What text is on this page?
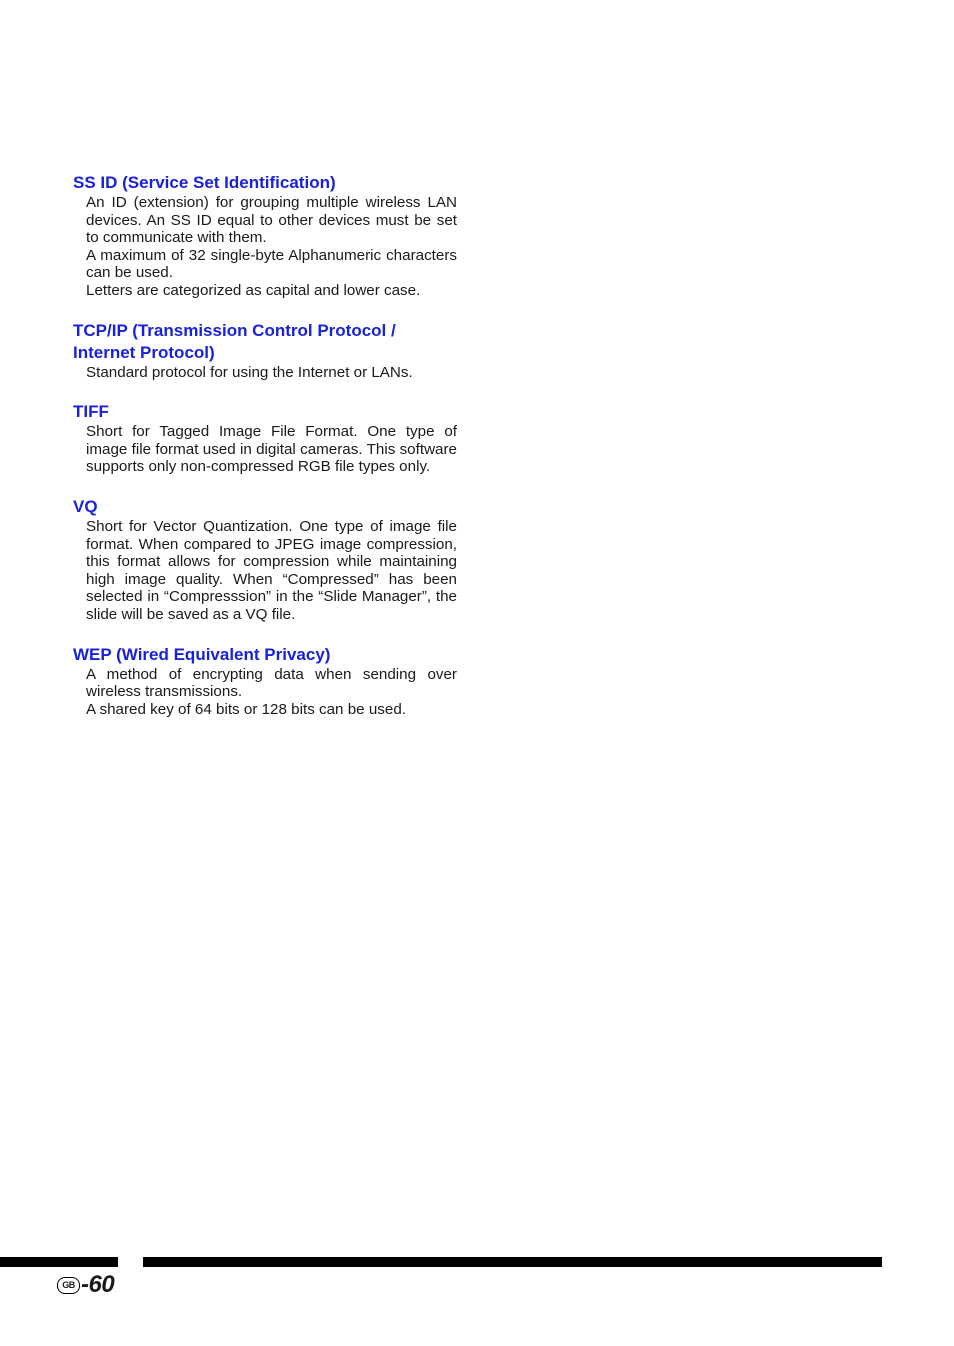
SS ID (Service Set Identification)

An ID (extension) for grouping multiple wireless LAN devices. An SS ID equal to other devices must be set to communicate with them.

A maximum of 32 single-byte Alphanumeric characters can be used.

Letters are categorized as capital and lower case.

TCP/IP (Transmission Control Protocol / Internet Protocol)

Standard protocol for using the Internet or LANs.

TIFF

Short for Tagged Image File Format. One type of image file format used in digital cameras. This software supports only non-compressed RGB file types only.

VQ

Short for Vector Quantization. One type of image file format. When compared to JPEG image compression, this format allows for compression while maintaining high image quality. When “Compressed” has been selected in “Compresssion” in the “Slide Manager”, the slide will be saved as a VQ file.

WEP (Wired Equivalent Privacy)

A method of encrypting data when sending over wireless transmissions.

A shared key of 64 bits or 128 bits can be used.

GB -60
